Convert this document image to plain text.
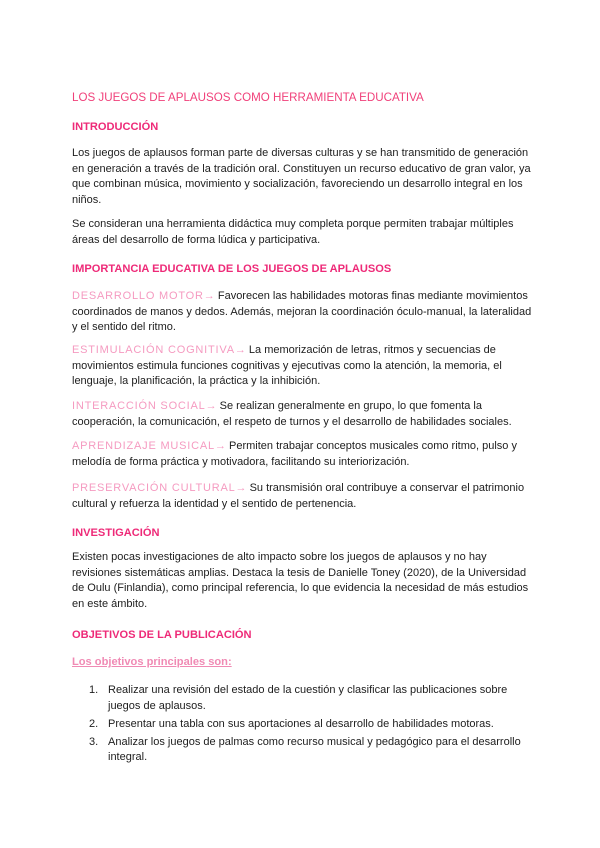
LOS JUEGOS DE APLAUSOS COMO HERRAMIENTA EDUCATIVA
INTRODUCCIÓN
Los juegos de aplausos forman parte de diversas culturas y se han transmitido de generación en generación a través de la tradición oral. Constituyen un recurso educativo de gran valor, ya que combinan música, movimiento y socialización, favoreciendo un desarrollo integral en los niños.
Se consideran una herramienta didáctica muy completa porque permiten trabajar múltiples áreas del desarrollo de forma lúdica y participativa.
IMPORTANCIA EDUCATIVA DE LOS JUEGOS DE APLAUSOS
DESARROLLO MOTOR→ Favorecen las habilidades motoras finas mediante movimientos coordinados de manos y dedos. Además, mejoran la coordinación óculo-manual, la lateralidad y el sentido del ritmo.
ESTIMULACIÓN COGNITIVA→ La memorización de letras, ritmos y secuencias de movimientos estimula funciones cognitivas y ejecutivas como la atención, la memoria, el lenguaje, la planificación, la práctica y la inhibición.
INTERACCIÓN SOCIAL→ Se realizan generalmente en grupo, lo que fomenta la cooperación, la comunicación, el respeto de turnos y el desarrollo de habilidades sociales.
APRENDIZAJE MUSICAL→ Permiten trabajar conceptos musicales como ritmo, pulso y melodía de forma práctica y motivadora, facilitando su interiorización.
PRESERVACIÓN CULTURAL→ Su transmisión oral contribuye a conservar el patrimonio cultural y refuerza la identidad y el sentido de pertenencia.
INVESTIGACIÓN
Existen pocas investigaciones de alto impacto sobre los juegos de aplausos y no hay revisiones sistemáticas amplias. Destaca la tesis de Danielle Toney (2020), de la Universidad de Oulu (Finlandia), como principal referencia, lo que evidencia la necesidad de más estudios en este ámbito.
OBJETIVOS DE LA PUBLICACIÓN
Los objetivos principales son:
1. Realizar una revisión del estado de la cuestión y clasificar las publicaciones sobre juegos de aplausos.
2. Presentar una tabla con sus aportaciones al desarrollo de habilidades motoras.
3. Analizar los juegos de palmas como recurso musical y pedagógico para el desarrollo integral.
